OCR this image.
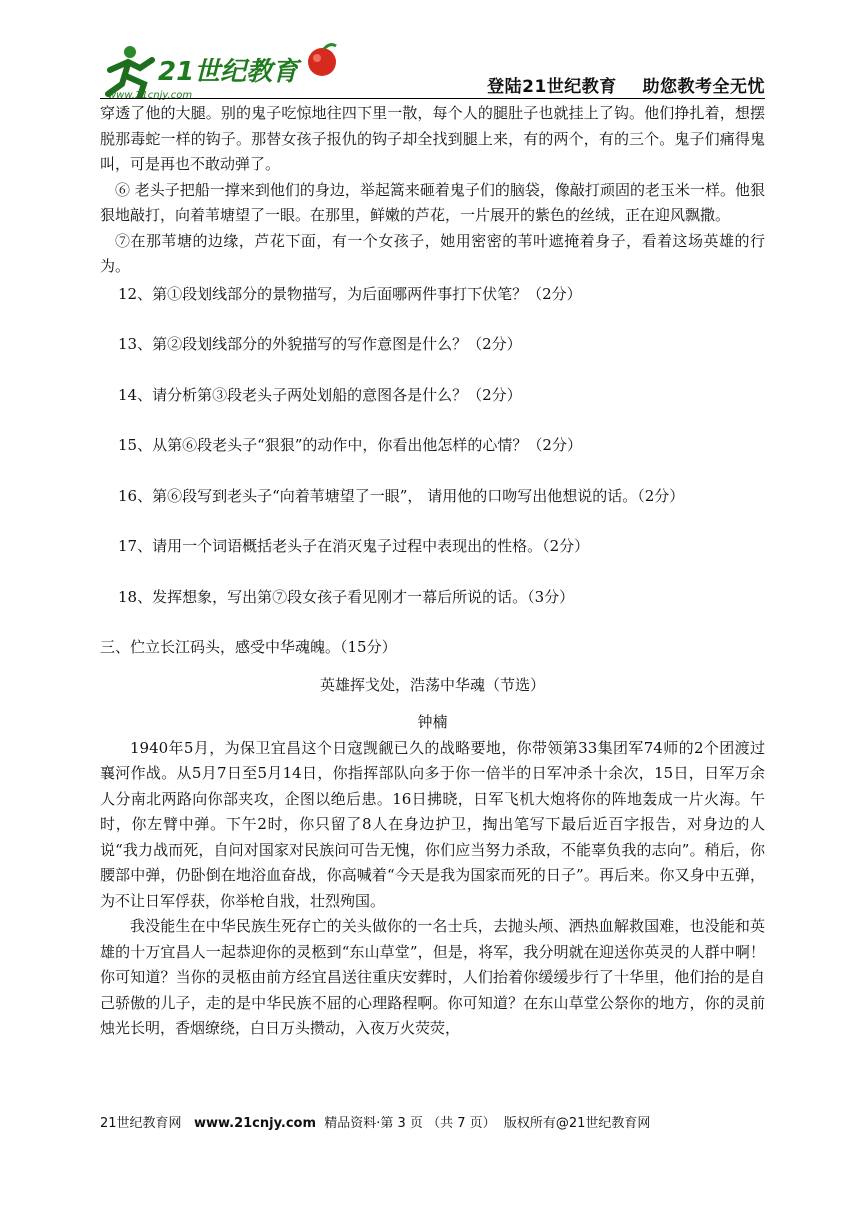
21世纪教育
www.21cnjy.com	登陆21世纪教育 助您教考全无忧

穿透了他的大腿。别的鬼子吃惊地往四下里一散，每个人的腿肚子也就挂上了钩。他们挣扎着，想摆脱那毒蛇一样的钩子。那替女孩子报仇的钩子却全找到腿上来，有的两个，有的三个。鬼子们痛得鬼叫，可是再也不敢动弹了。

⑥ 老头子把船一撑来到他们的身边，举起篙来砸着鬼子们的脑袋，像敲打顽固的老玉米一样。他狠狠地敲打，向着苇塘望了一眼。在那里，鲜嫩的芦花，一片展开的紫色的丝绒，正在迎风飘撒。

⑦在那苇塘的边缘，芦花下面，有一个女孩子，她用密密的苇叶遮掩着身子，看着这场英雄的行为。

12、第①段划线部分的景物描写，为后面哪两件事打下伏笔？（2分）

13、第②段划线部分的外貌描写的写作意图是什么？（2分）

14、请分析第③段老头子两处划船的意图各是什么？（2分）

15、从第⑥段老头子“狠狠”的动作中，你看出他怎样的心情？（2分）

16、第⑥段写到老头子“向着苇塘望了一眼”， 请用他的口吻写出他想说的话。（2分）

17、请用一个词语概括老头子在消灭鬼子过程中表现出的性格。（2分）

18、发挥想象，写出第⑦段女孩子看见刚才一幕后所说的话。（3分）

三、伫立长江码头，感受中华魂魄。（15分）

英雄挥戈处，浩荡中华魂（节选）

钟楠

1940年5月，为保卫宜昌这个日寇觊觎已久的战略要地，你带领第33集团军74师的2个团渡过襄河作战。从5月7日至5月14日，你指挥部队向多于你一倍半的日军冲杀十余次，15日，日军万余人分南北两路向你部夹攻，企图以绝后患。16日拂晓，日军飞机大炮将你的阵地轰成一片火海。午时，你左臂中弹。下午2时，你只留了8人在身边护卫，掏出笔写下最后近百字报告，对身边的人说“我力战而死，自问对国家对民族问可告无愧，你们应当努力杀敌，不能辜负我的志向”。稍后，你腰部中弹，仍卧倒在地浴血奋战，你高喊着“今天是我为国家而死的日子”。再后来。你又身中五弹，为不让日军俘获，你举枪自戕，壮烈殉国。

我没能生在中华民族生死存亡的关头做你的一名士兵，去抛头颅、洒热血解救国难，也没能和英雄的十万宜昌人一起恭迎你的灵柩到“东山草堂”，但是，将军，我分明就在迎送你英灵的人群中啊！你可知道？当你的灵柩由前方经宜昌送往重庆安葬时，人们抬着你缓缓步行了十华里，他们抬的是自己骄傲的儿子，走的是中华民族不屈的心理路程啊。你可知道？在东山草堂公祭你的地方，你的灵前烛光长明，香烟缭绕，白日万头攒动，入夜万火荧荧，

21世纪教育网 www.21cnjy.com 精品资料·第 3 页 （共 7 页） 版权所有@21世纪教育网
